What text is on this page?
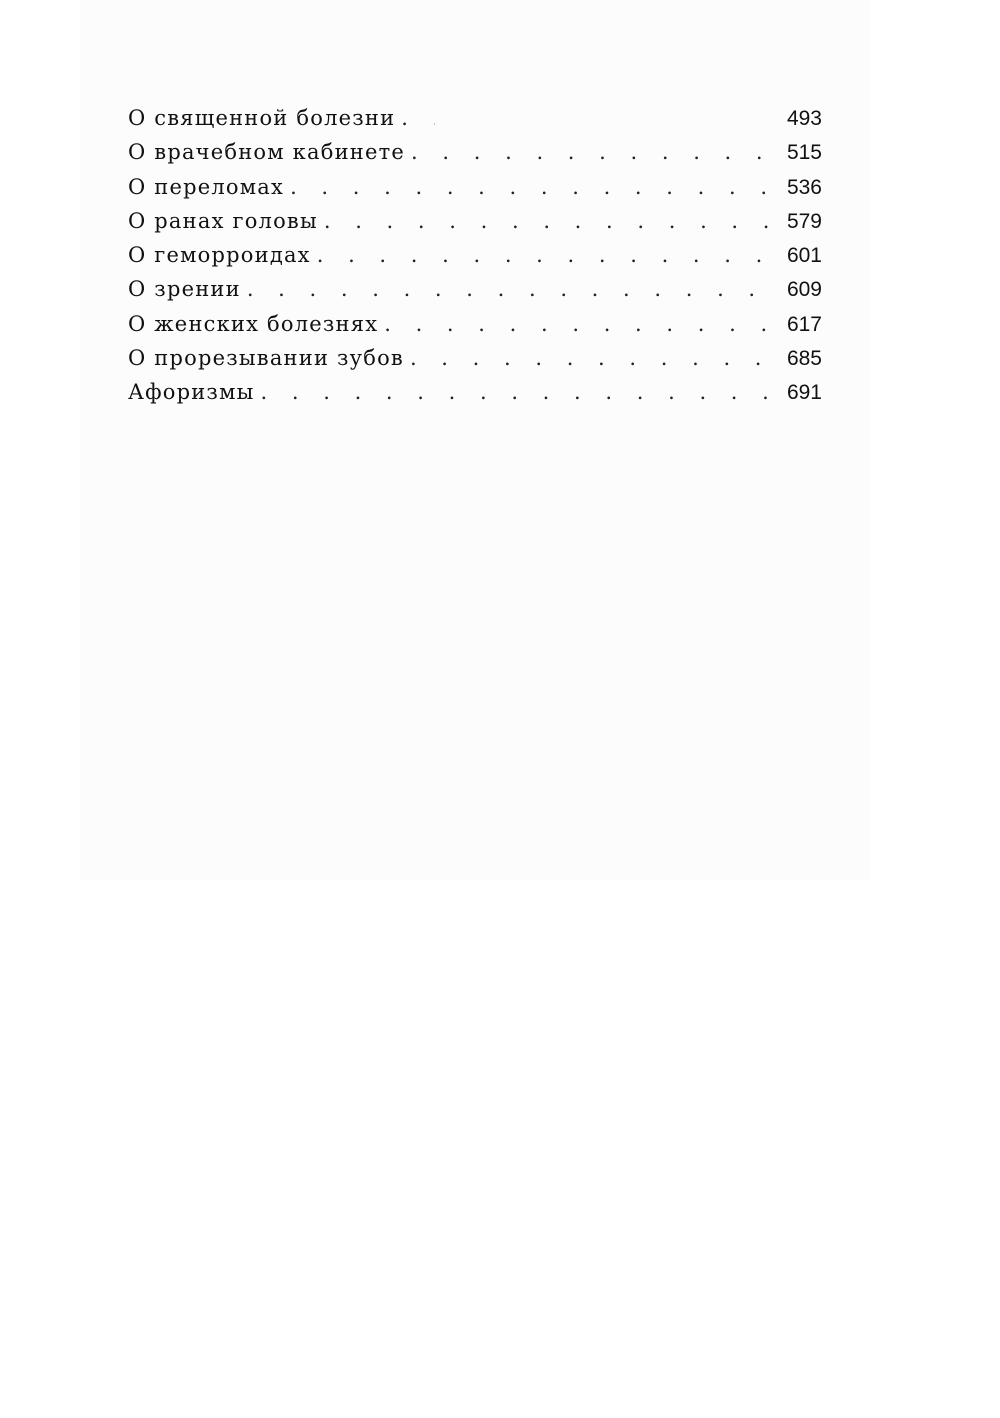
О священной болезни . . .	493
О врачебном кабинете . . .	515
О переломах . . .	536
О ранах головы . . .	579
О геморроидах . . .	601
О зрении . . .	609
О женских болезнях . . .	617
О прорезывании зубов . . .	685
Афоризмы . . .	691
